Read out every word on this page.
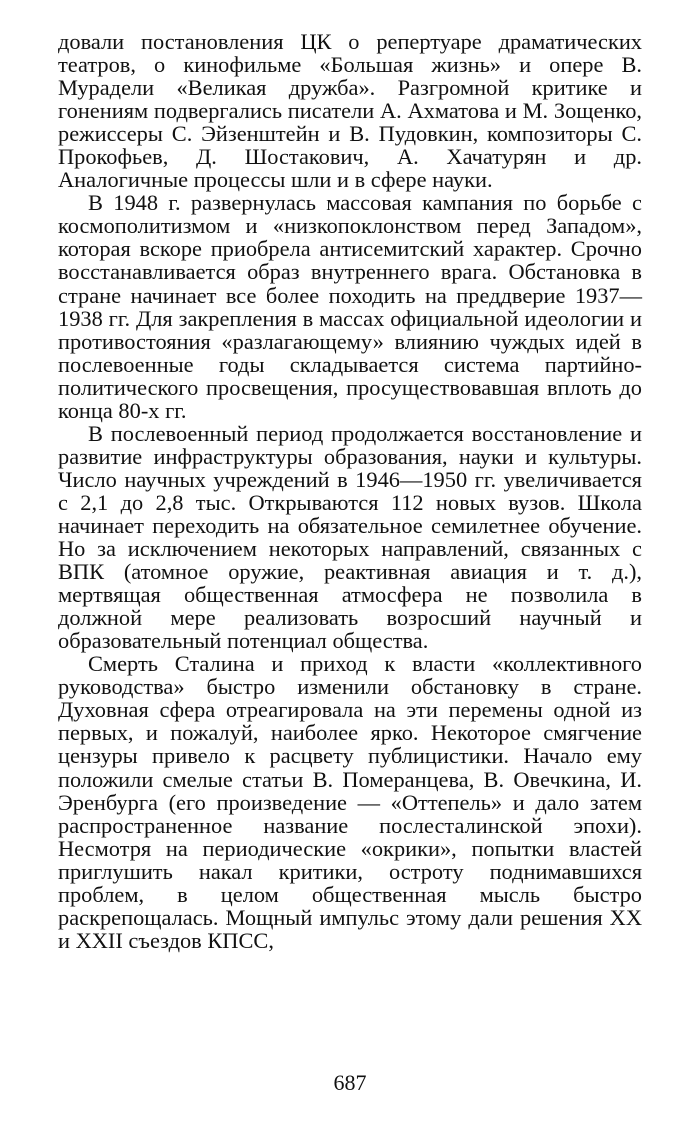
довали постановления ЦК о репертуаре драматических театров, о кинофильме «Большая жизнь» и опере В. Мурадели «Великая дружба». Разгромной критике и гонениям подвергались писатели А. Ахматова и М. Зощенко, режиссеры С. Эйзенштейн и В. Пудовкин, композиторы С. Прокофьев, Д. Шостакович, А. Хачатурян и др. Аналогичные процессы шли и в сфере науки.

В 1948 г. развернулась массовая кампания по борьбе с космополитизмом и «низкопоклонством перед Западом», которая вскоре приобрела антисемитский характер. Срочно восстанавливается образ внутреннего врага. Обстановка в стране начинает все более походить на преддверие 1937—1938 гг. Для закрепления в массах официальной идеологии и противостояния «разлагающему» влиянию чуждых идей в послевоенные годы складывается система партийно-политического просвещения, просуществовавшая вплоть до конца 80-х гг.

В послевоенный период продолжается восстановление и развитие инфраструктуры образования, науки и культуры. Число научных учреждений в 1946—1950 гг. увеличивается с 2,1 до 2,8 тыс. Открываются 112 новых вузов. Школа начинает переходить на обязательное семилетнее обучение. Но за исключением некоторых направлений, связанных с ВПК (атомное оружие, реактивная авиация и т. д.), мертвящая общественная атмосфера не позволила в должной мере реализовать возросший научный и образовательный потенциал общества.

Смерть Сталина и приход к власти «коллективного руководства» быстро изменили обстановку в стране. Духовная сфера отреагировала на эти перемены одной из первых, и пожалуй, наиболее ярко. Некоторое смягчение цензуры привело к расцвету публицистики. Начало ему положили смелые статьи В. Померанцева, В. Овечкина, И. Эренбурга (его произведение — «Оттепель» и дало затем распространенное название послесталинской эпохи). Несмотря на периодические «окрики», попытки властей приглушить накал критики, остроту поднимавшихся проблем, в целом общественная мысль быстро раскрепощалась. Мощный импульс этому дали решения XX и XXII съездов КПСС,

687
